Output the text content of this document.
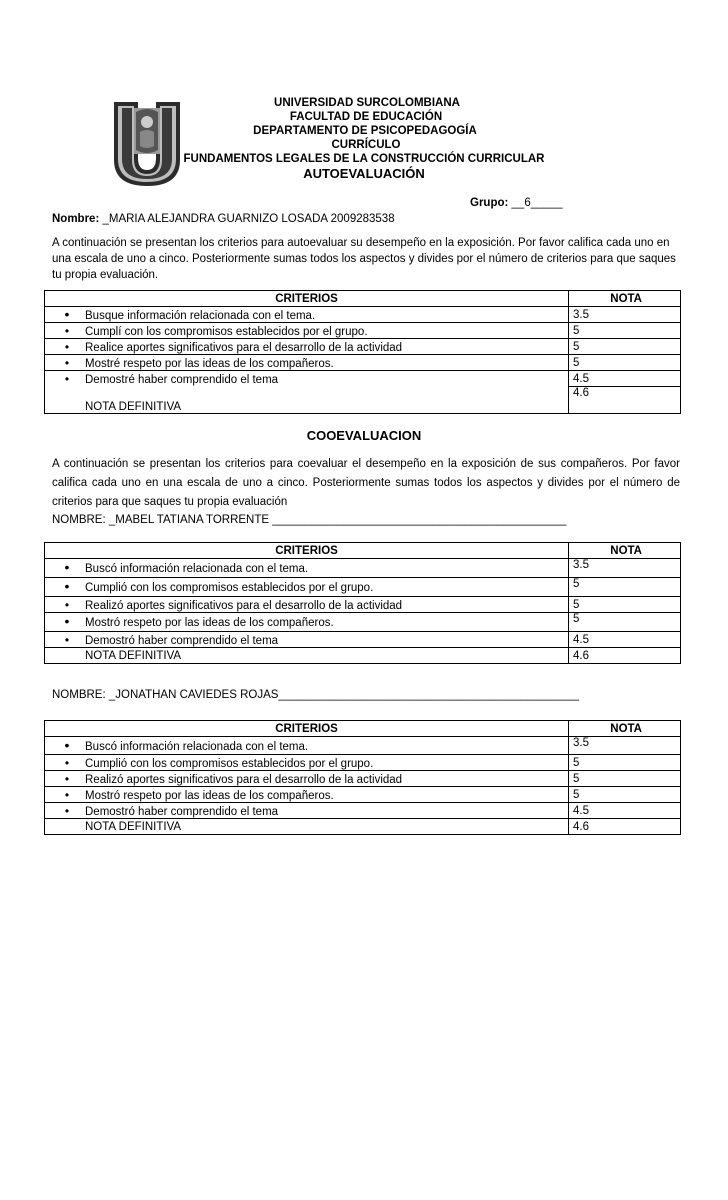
UNIVERSIDAD SURCOLOMBIANA
FACULTAD DE EDUCACIÓN
DEPARTAMENTO DE PSICOPEDAGOGÍA
CURRÍCULO
FUNDAMENTOS LEGALES DE LA CONSTRUCCIÓN CURRICULAR
AUTOEVALUACIÓN
Grupo: __6_____
Nombre: _MARIA ALEJANDRA GUARNIZO LOSADA 2009283538
A continuación se presentan los criterios para autoevaluar su desempeño en la exposición. Por favor califica cada uno en una escala de uno a cinco. Posteriormente sumas todos los aspectos y divides por el número de criterios para que saques tu propia evaluación.
CRITERIOS	NOTA
• Busque información relacionada con el tema.	3.5
• Cumplí con los compromisos establecidos por el grupo.	5
• Realice aportes significativos para el desarrollo de la actividad	5
• Mostré respeto por las ideas de los compañeros.	5
• Demostré haber comprendido el tema	4.5
NOTA DEFINITIVA	4.6
COOEVALUACION
A continuación se presentan los criterios para coevaluar el desempeño en la exposición de sus compañeros. Por favor califica cada uno en una escala de uno a cinco. Posteriormente sumas todos los aspectos y divides por el número de criterios para que saques tu propia evaluación
NOMBRE: _MABEL TATIANA TORRENTE ______________________________________________
CRITERIOS	NOTA
• Buscó información relacionada con el tema.	3.5
• Cumplió con los compromisos establecidos por el grupo.	5
• Realizó aportes significativos para el desarrollo de la actividad	5
• Mostró respeto por las ideas de los compañeros.	5
• Demostró haber comprendido el tema	4.5
NOTA DEFINITIVA	4.6
NOMBRE: _JONATHAN CAVIEDES ROJAS_______________________________________________
CRITERIOS	NOTA
• Buscó información relacionada con el tema.	3.5
• Cumplió con los compromisos establecidos por el grupo.	5
• Realizó aportes significativos para el desarrollo de la actividad	5
• Mostró respeto por las ideas de los compañeros.	5
• Demostró haber comprendido el tema	4.5
NOTA DEFINITIVA	4.6
